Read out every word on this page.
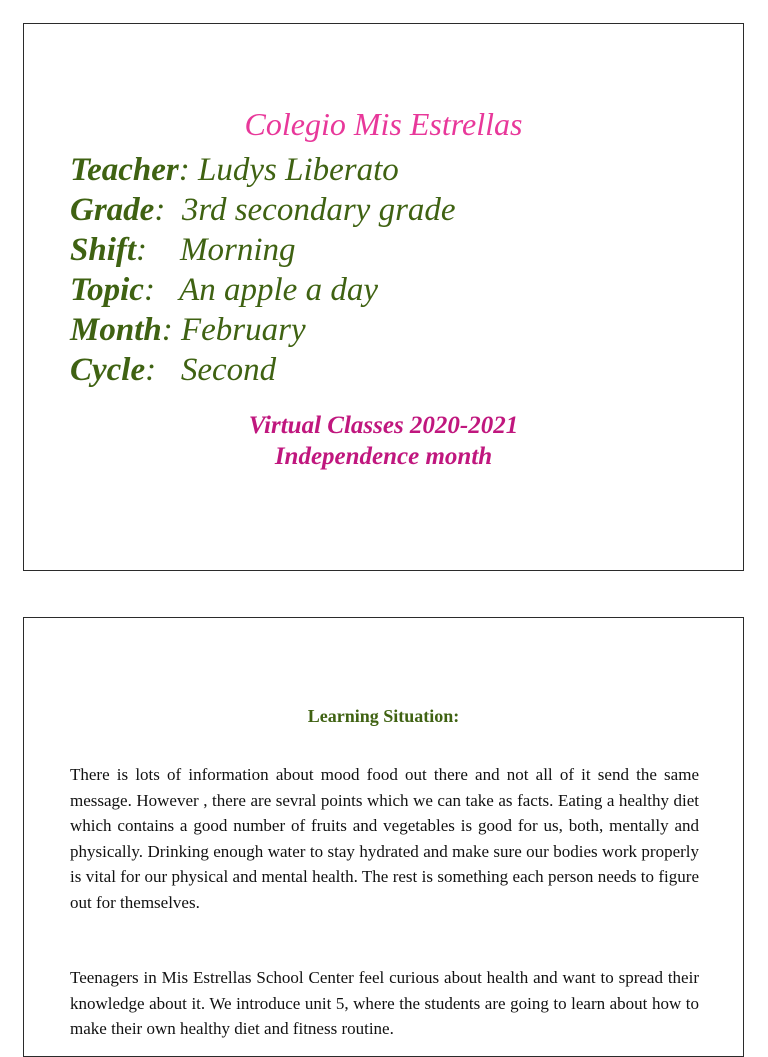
Colegio Mis Estrellas
Teacher: Ludys Liberato
Grade:  3rd secondary grade
Shift:    Morning
Topic:   An apple a day
Month: February
Cycle:   Second
Virtual Classes 2020-2021
Independence month
Learning Situation:

There is lots of information about mood food out there and not all of it send the same message. However , there are sevral points which we can take as facts. Eating a healthy diet which contains a good number of fruits and vegetables is good for us, both, mentally and physically. Drinking enough water to stay hydrated and make sure our bodies work properly is vital for our physical and mental health. The rest is something each person needs to figure out for themselves.

Teenagers in Mis Estrellas School Center feel curious about health and want to spread their knowledge about it. We introduce unit 5, where the students are going to learn about how to make their own healthy diet and fitness routine.
